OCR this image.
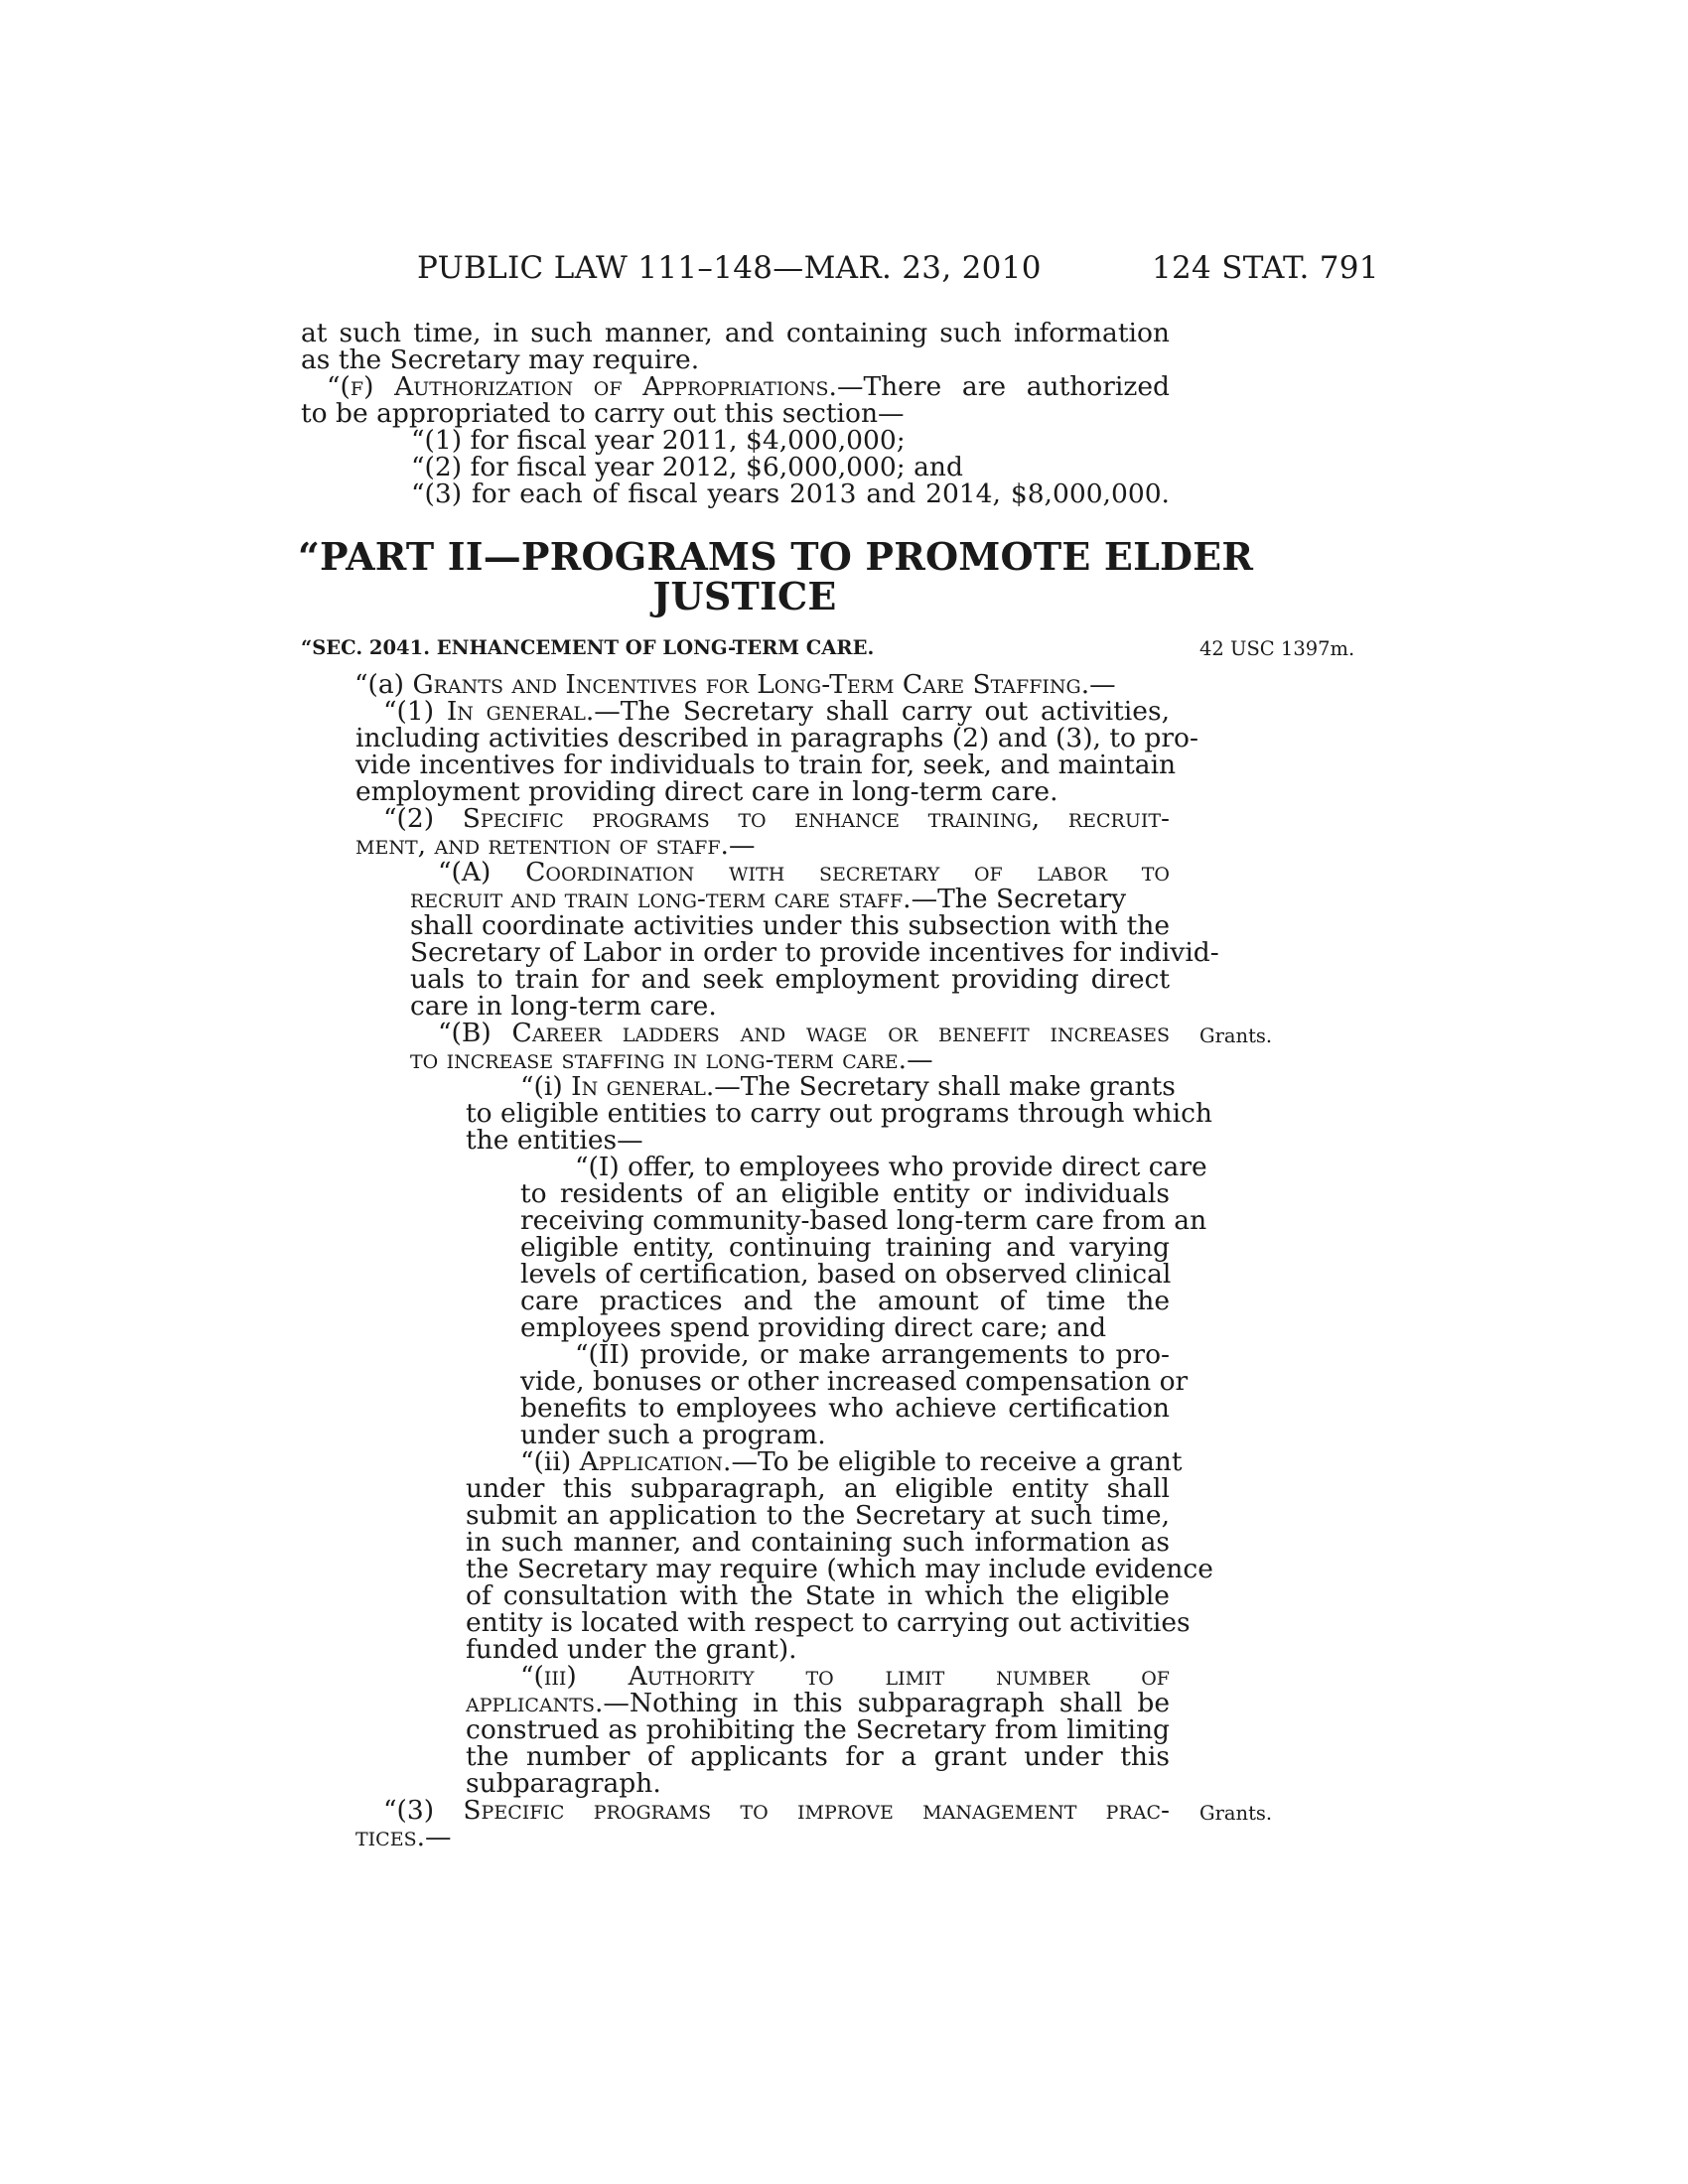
PUBLIC LAW 111–148—MAR. 23, 2010	124 STAT. 791
at such time, in such manner, and containing such information
as the Secretary may require.
“(f) Authorization of Appropriations.—There are authorized
to be appropriated to carry out this section—
“(1) for fiscal year 2011, $4,000,000;
“(2) for fiscal year 2012, $6,000,000; and
“(3) for each of fiscal years 2013 and 2014, $8,000,000.
“PART II—PROGRAMS TO PROMOTE ELDER
JUSTICE
“SEC. 2041. ENHANCEMENT OF LONG-TERM CARE.	42 USC 1397m.
“(a) Grants and Incentives for Long-Term Care Staffing.—
“(1) In general.—The Secretary shall carry out activities,
including activities described in paragraphs (2) and (3), to pro-
vide incentives for individuals to train for, seek, and maintain
employment providing direct care in long-term care.
“(2) Specific programs to enhance training, recruit-
ment, and retention of staff.—
“(A) Coordination with secretary of labor to
recruit and train long-term care staff.—The Secretary
shall coordinate activities under this subsection with the
Secretary of Labor in order to provide incentives for individ-
uals to train for and seek employment providing direct
care in long-term care.
“(B) Career ladders and wage or benefit increases Grants.
to increase staffing in long-term care.—
“(i) In general.—The Secretary shall make grants
to eligible entities to carry out programs through which
the entities—
“(I) offer, to employees who provide direct care
to residents of an eligible entity or individuals
receiving community-based long-term care from an
eligible entity, continuing training and varying
levels of certification, based on observed clinical
care practices and the amount of time the
employees spend providing direct care; and
“(II) provide, or make arrangements to pro-
vide, bonuses or other increased compensation or
benefits to employees who achieve certification
under such a program.
“(ii) Application.—To be eligible to receive a grant
under this subparagraph, an eligible entity shall
submit an application to the Secretary at such time,
in such manner, and containing such information as
the Secretary may require (which may include evidence
of consultation with the State in which the eligible
entity is located with respect to carrying out activities
funded under the grant).
“(iii) Authority to limit number of
applicants.—Nothing in this subparagraph shall be
construed as prohibiting the Secretary from limiting
the number of applicants for a grant under this
subparagraph.
“(3) Specific programs to improve management prac- Grants.
tices.—
